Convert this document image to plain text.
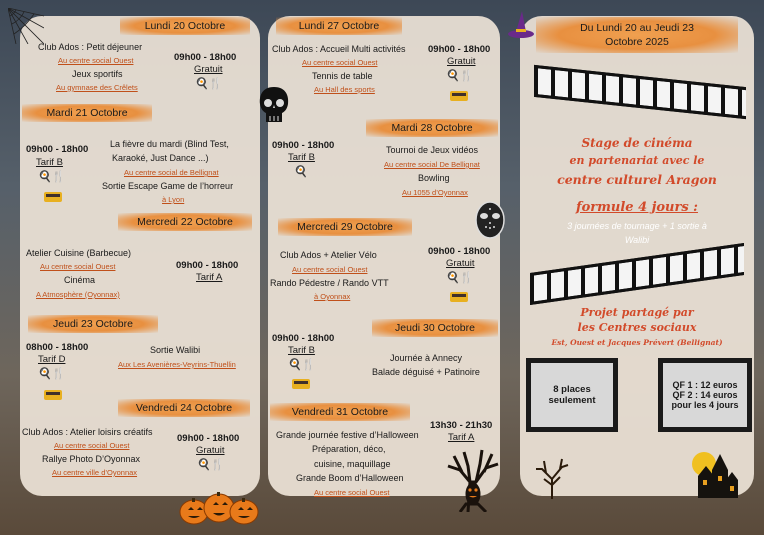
Lundi 20 Octobre
Club Ados : Petit déjeuner
Au centre social Ouest
Jeux sportifs
Au gymnase des Crêlets
09h00 - 18h00
Gratuit
🍳🍴
Mardi 21 Octobre
09h00 - 18h00
Tarif B
🍳🍴
La fièvre du mardi (Blind Test,
Karaoké, Just Dance ...)
Au centre social de Bellignat
Sortie Escape Game de l’horreur
à Lyon
Mercredi 22 Octobre
Atelier Cuisine (Barbecue)
Au centre social Ouest
Cinéma
A Atmosphère (Oyonnax)
09h00 - 18h00
Tarif A
Jeudi 23 Octobre
08h00 - 18h00
Tarif D
🍳🍴
Sortie Walibi
Aux Les Avenières-Veyrins-Thuellin
Vendredi 24 Octobre
Club Ados : Atelier loisirs créatifs
Au centre social Ouest
Rallye Photo D’Oyonnax
Au centre ville d’Oyonnax
09h00 - 18h00
Gratuit
🍳🍴
Lundi 27 Octobre
Club Ados : Accueil Multi activités
Au centre social Ouest
Tennis de table
Au Hall des sports
09h00 - 18h00
Gratuit
🍳🍴
Mardi 28 Octobre
09h00 - 18h00
Tarif B
🍳
Tournoi de Jeux vidéos
Au centre social De Bellignat
Bowling
Au 1055 d’Oyonnax
Mercredi 29 Octobre
Club Ados + Atelier Vélo
Au centre social Ouest
Rando Pédestre / Rando VTT
à Oyonnax
09h00 - 18h00
Gratuit
🍳🍴
Jeudi 30 Octobre
09h00 - 18h00
Tarif B
🍳🍴
Journée à Annecy
Balade déguisé + Patinoire
Vendredi 31 Octobre
13h30 - 21h30
Tarif A
Grande journée festive d’Halloween
Préparation, déco,
cuisine, maquillage
Grande Boom d’Halloween
Au centre social Ouest
Du Lundi 20 au Jeudi 23
Octobre 2025
Stage de cinéma
en partenariat avec le
centre culturel Aragon
formule 4 jours :
3 journées de tournage + 1 sortie à
Walibi
Projet partagé par
les Centres sociaux
Est, Ouest et Jacques Prévert (Bellignat)
8 places
seulement
QF 1 : 12 euros
QF 2 : 14 euros
pour les 4 jours
